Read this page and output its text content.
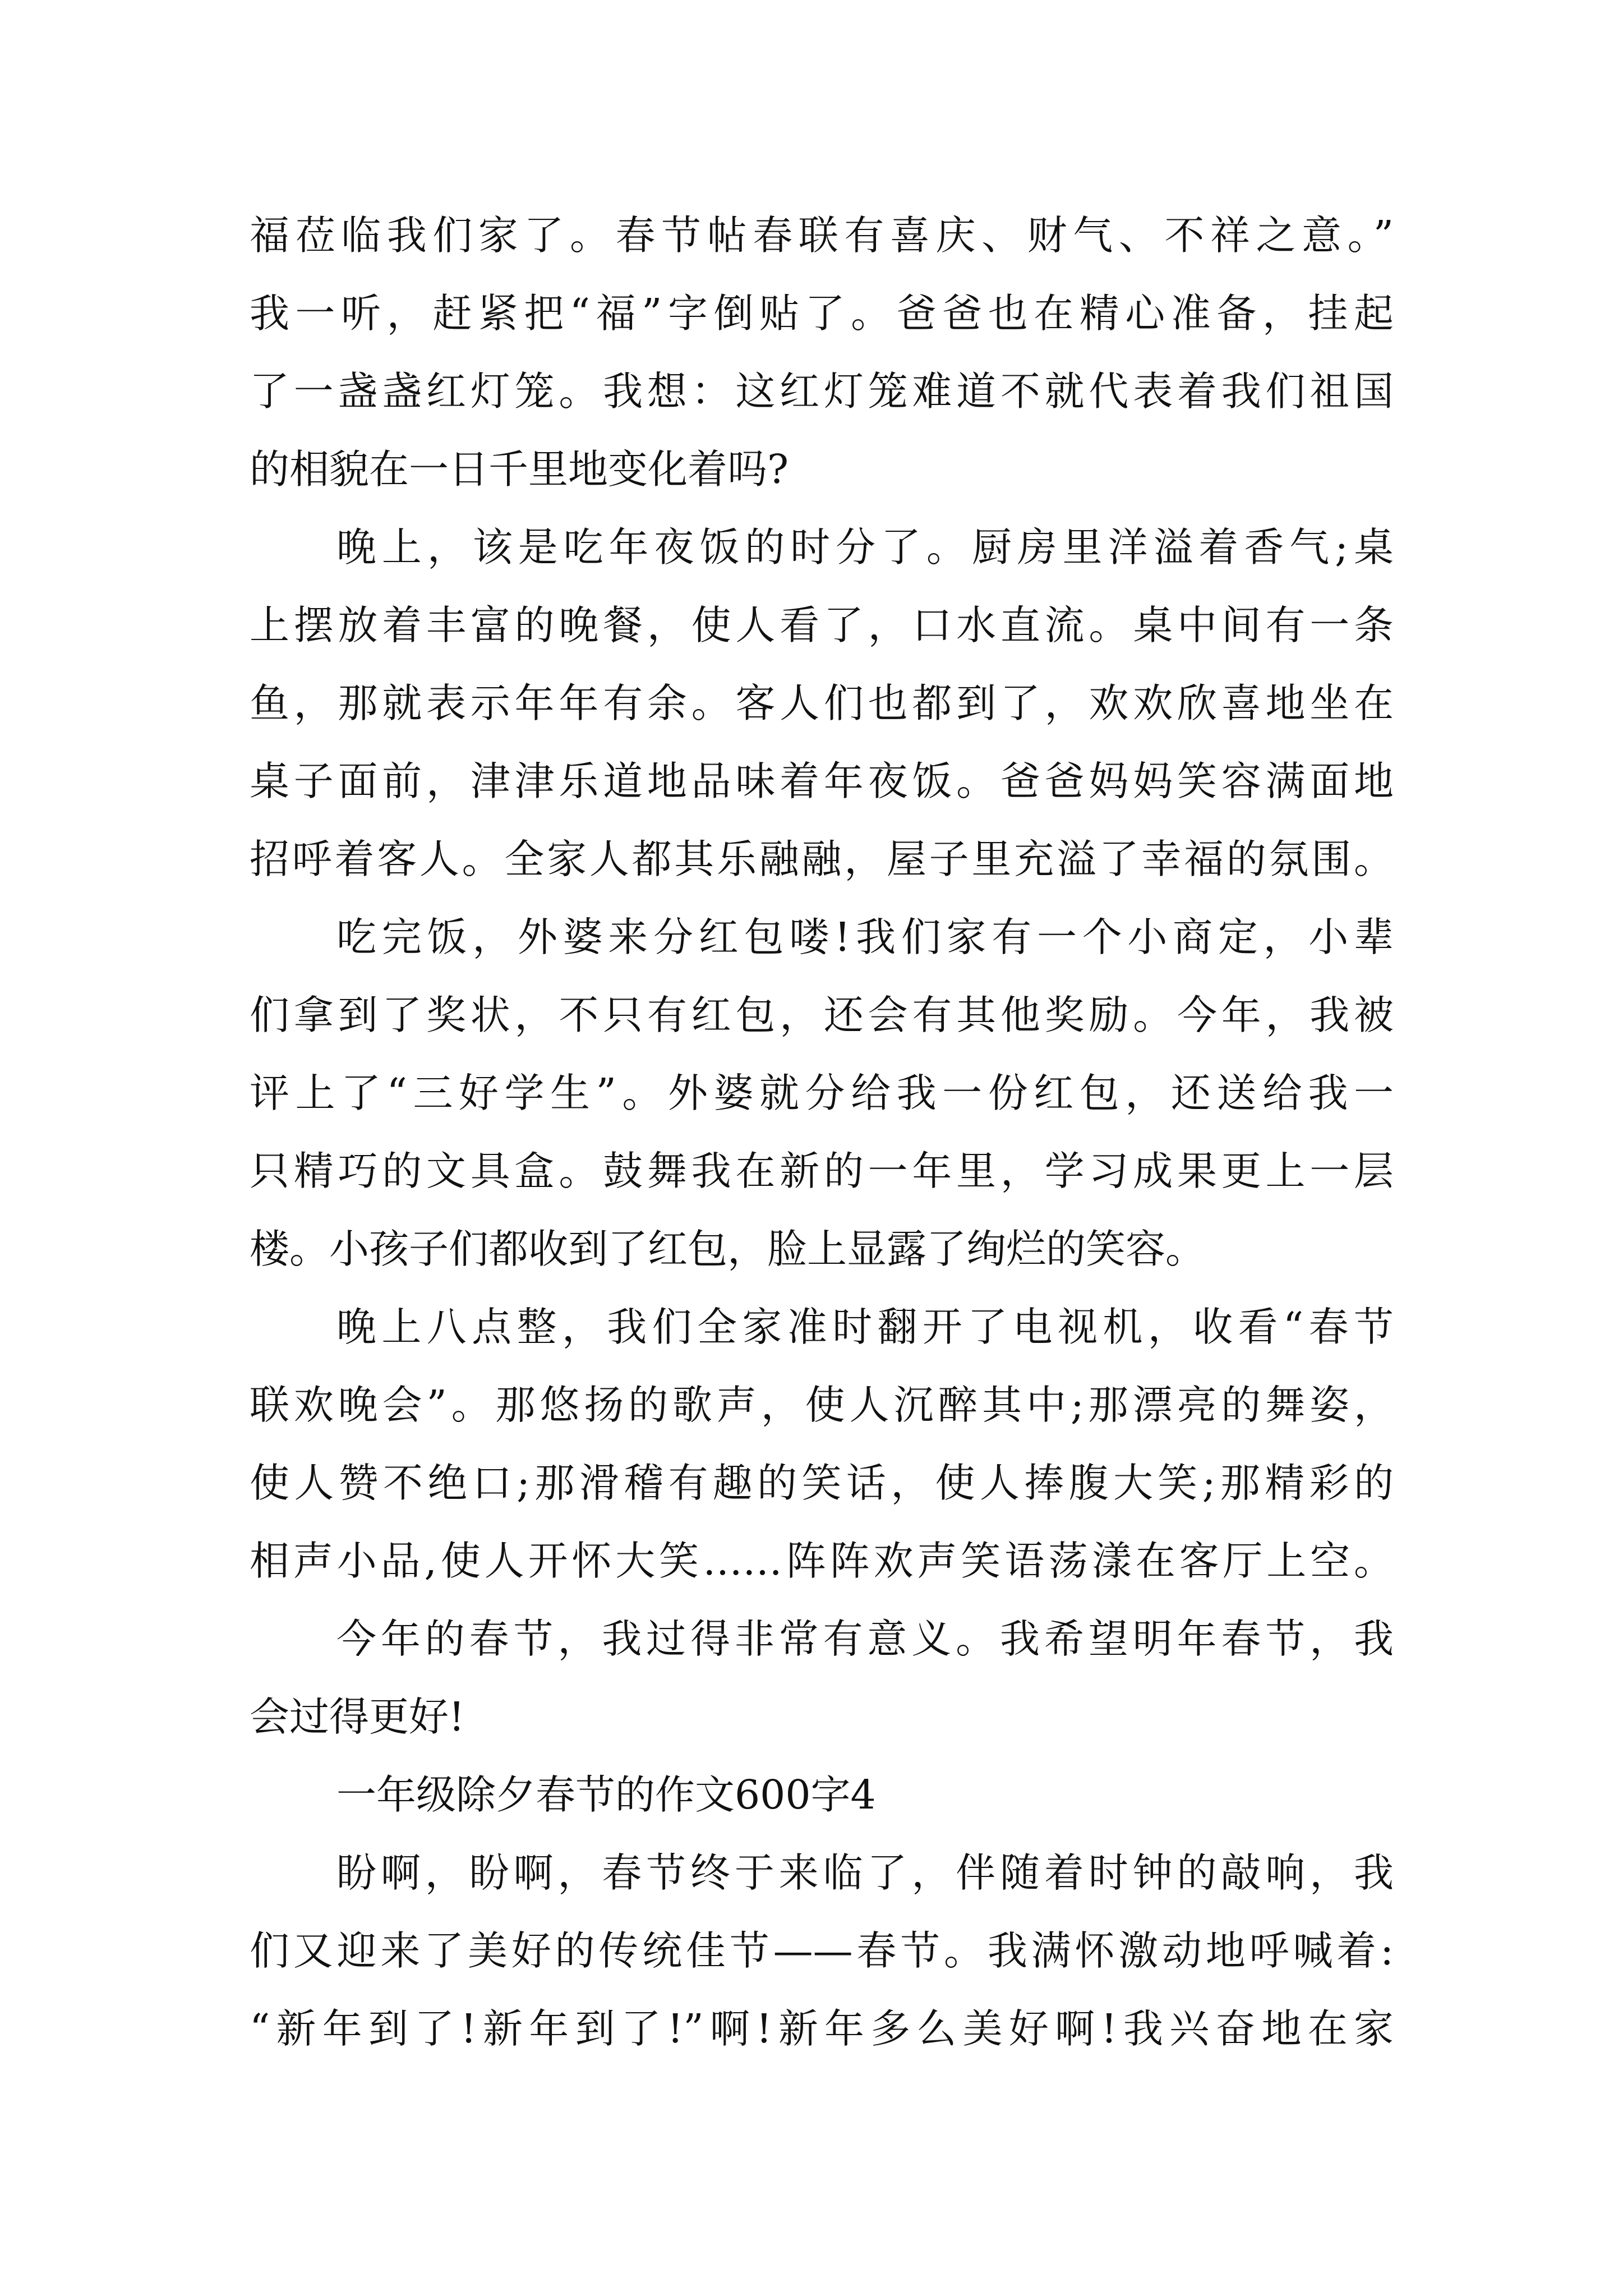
福莅临我们家了。春节帖春联有喜庆、财气、不祥之意。”
我一听，赶紧把“福”字倒贴了。爸爸也在精心准备，挂起
了一盏盏红灯笼。我想：这红灯笼难道不就代表着我们祖国
的相貌在一日千里地变化着吗?
晚上，该是吃年夜饭的时分了。厨房里洋溢着香气;桌
上摆放着丰富的晚餐，使人看了，口水直流。桌中间有一条
鱼，那就表示年年有余。客人们也都到了，欢欢欣喜地坐在
桌子面前，津津乐道地品味着年夜饭。爸爸妈妈笑容满面地
招呼着客人。全家人都其乐融融，屋子里充溢了幸福的氛围。
吃完饭，外婆来分红包喽!我们家有一个小商定，小辈
们拿到了奖状，不只有红包，还会有其他奖励。今年，我被
评上了“三好学生”。外婆就分给我一份红包，还送给我一
只精巧的文具盒。鼓舞我在新的一年里，学习成果更上一层
楼。小孩子们都收到了红包，脸上显露了绚烂的笑容。
晚上八点整，我们全家准时翻开了电视机，收看“春节
联欢晚会”。那悠扬的歌声，使人沉醉其中;那漂亮的舞姿，
使人赞不绝口;那滑稽有趣的笑话，使人捧腹大笑;那精彩的
相声小品,使人开怀大笑……阵阵欢声笑语荡漾在客厅上空。
今年的春节，我过得非常有意义。我希望明年春节，我
会过得更好!
一年级除夕春节的作文600字4
盼啊，盼啊，春节终于来临了，伴随着时钟的敲响，我
们又迎来了美好的传统佳节——春节。我满怀激动地呼喊着:
“新年到了!新年到了!”啊!新年多么美好啊!我兴奋地在家
